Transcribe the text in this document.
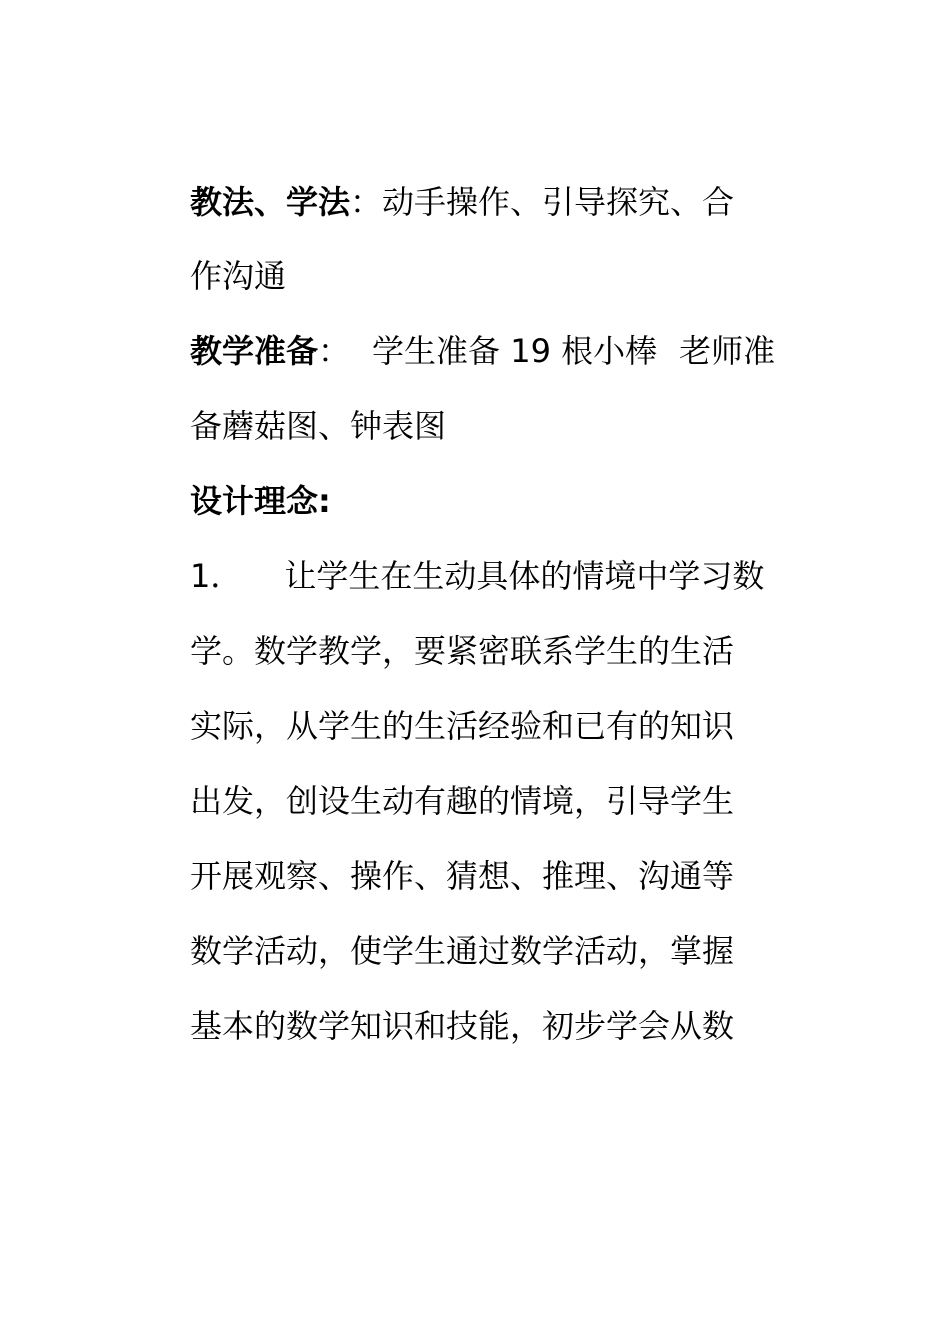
教法、学法：动手操作、引导探究、合
作沟通
教学准备： 学生准备 19 根小棒 老师准
备蘑菇图、钟表图
设计理念:
1． 让学生在生动具体的情境中学习数
学。数学教学，要紧密联系学生的生活
实际，从学生的生活经验和已有的知识
出发，创设生动有趣的情境，引导学生
开展观察、操作、猜想、推理、沟通等
数学活动，使学生通过数学活动，掌握
基本的数学知识和技能，初步学会从数
